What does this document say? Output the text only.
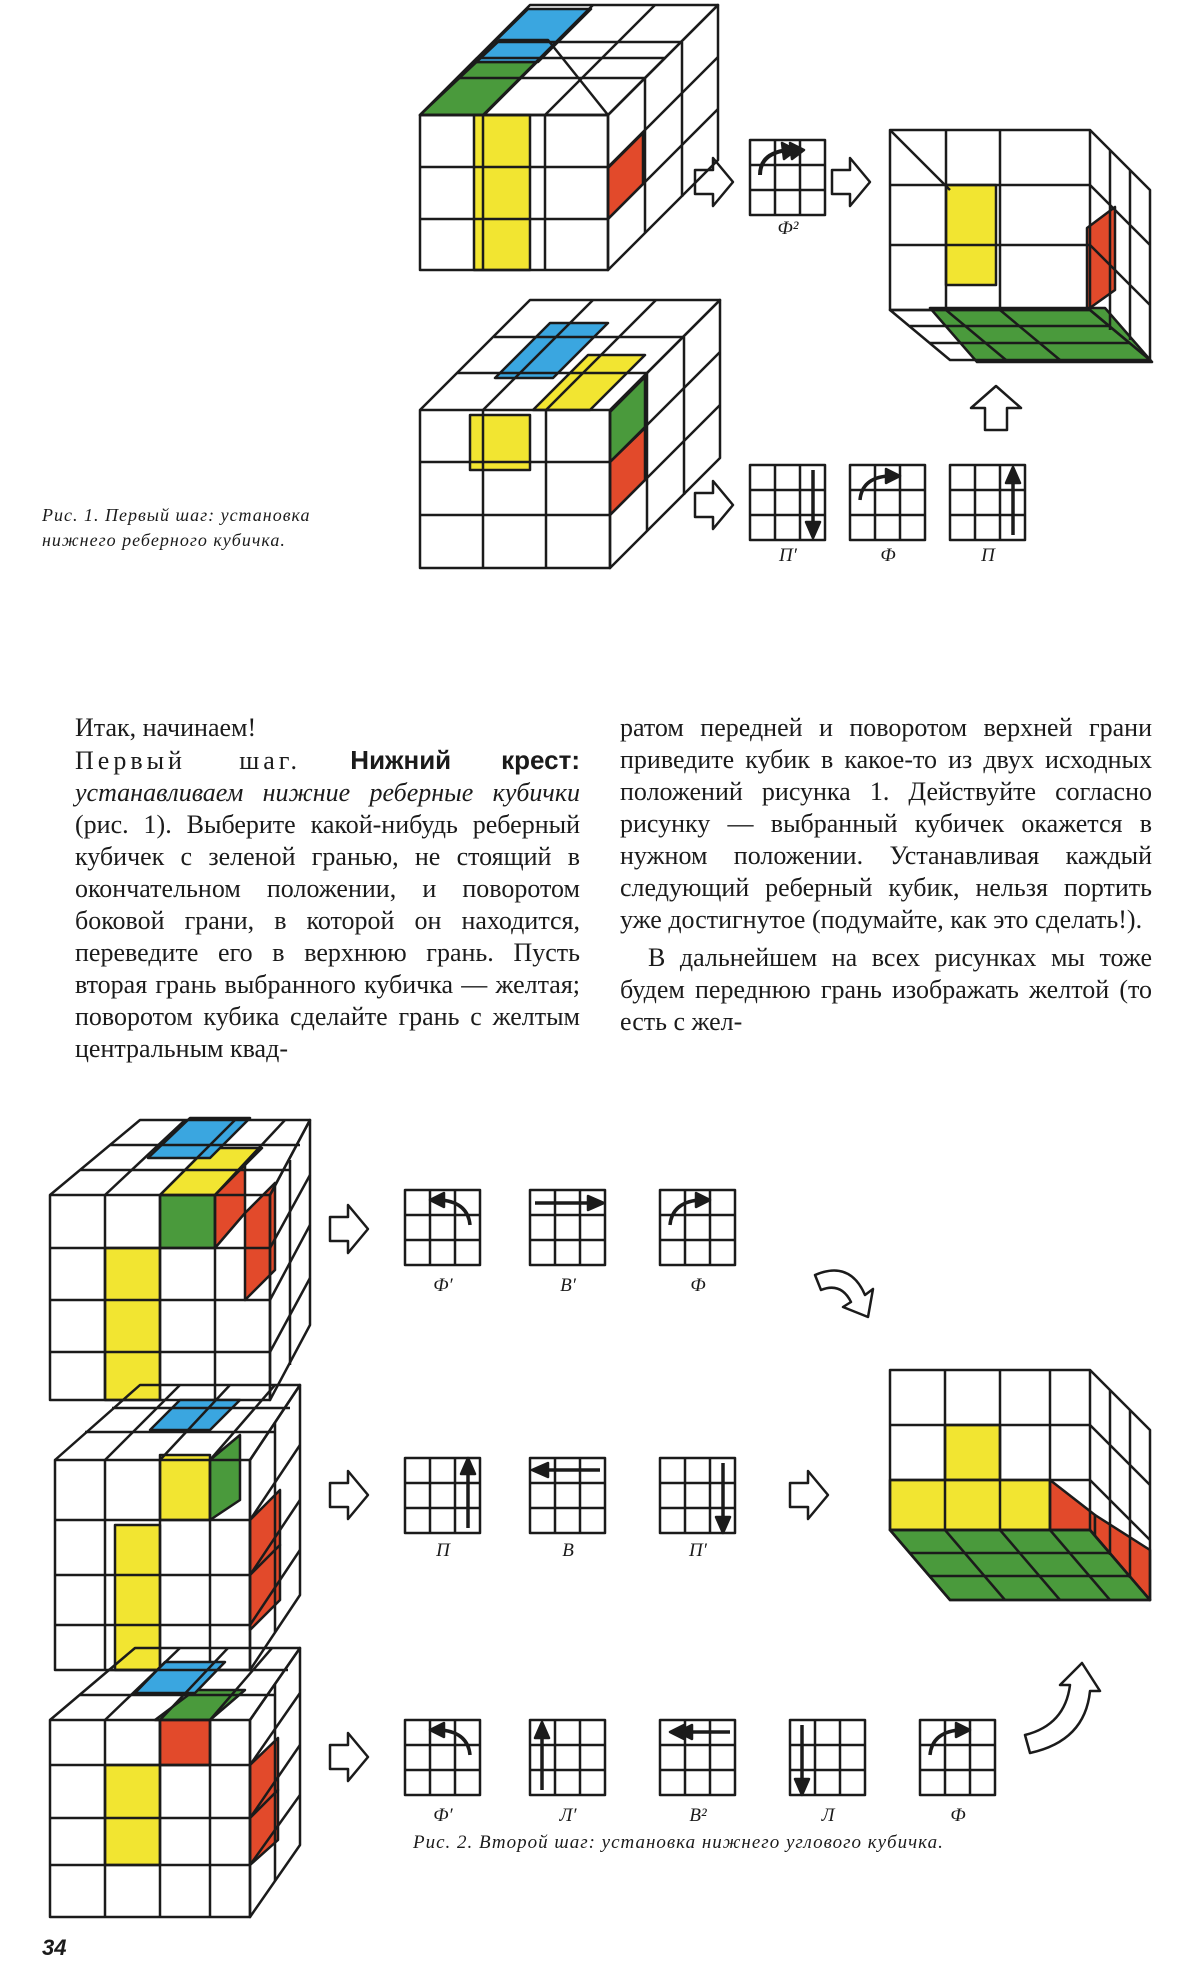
Ф²
П′	Ф	П
Рис. 1. Первый шаг: установка нижнего реберного кубичка.
Итак, начинаем!
Первый шаг. Нижний крест: устанавливаем нижние реберные кубички (рис. 1). Выберите какой-нибудь реберный кубичек с зеленой гранью, не стоящий в окончательном положении, и поворотом боковой грани, в которой он находится, переведите его в верхнюю грань. Пусть вторая грань выбранного кубичка — желтая; поворотом кубика сделайте грань с желтым центральным квад-
ратом передней и поворотом верхней грани приведите кубик в какое-то из двух исходных положений рисунка 1. Действуйте согласно рисунку — выбранный кубичек окажется в нужном положении. Устанавливая каждый следующий реберный кубик, нельзя портить уже достигнутое (подумайте, как это сделать!).
В дальнейшем на всех рисунках мы тоже будем переднюю грань изображать желтой (то есть с жел-
Ф′	В′	Ф
П	В	П′
Ф′	Л′	В²	Л	Ф
Рис. 2. Второй шаг: установка нижнего углового кубичка.
34
